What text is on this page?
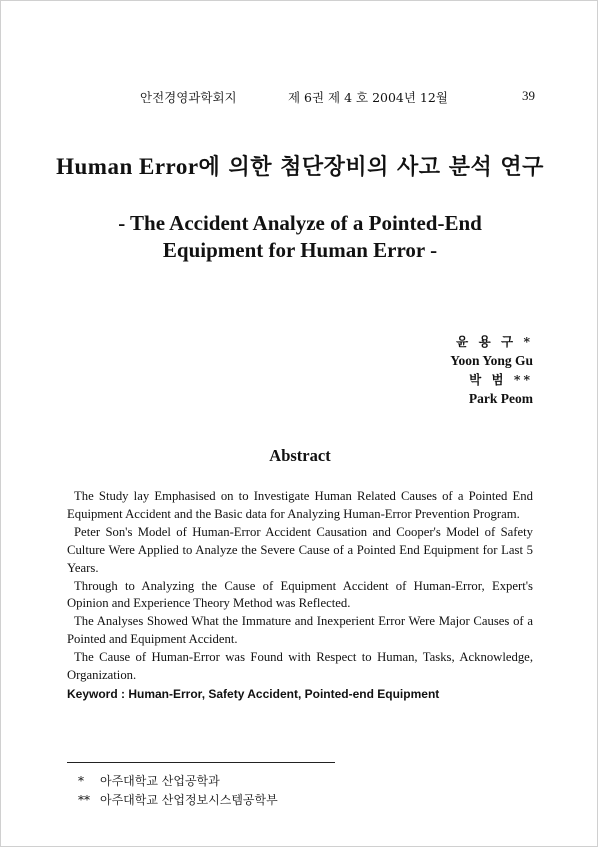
안전경영과학회지	제 6권 제 4 호 2004년 12월	39
Human Error에 의한 첨단장비의 사고 분석 연구
- The Accident Analyze of a Pointed-End
Equipment for Human Error -
윤 용 구 *
Yoon Yong Gu
박 범 **
Park Peom
Abstract
The Study lay Emphasised on to Investigate Human Related Causes of a Pointed End Equipment Accident and the Basic data for Analyzing Human-Error Prevention Program.
Peter Son's Model of Human-Error Accident Causation and Cooper's Model of Safety Culture Were Applied to Analyze the Severe Cause of a Pointed End Equipment for Last 5 Years.
Through to Analyzing the Cause of Equipment Accident of Human-Error, Expert's Opinion and Experience Theory Method was Reflected.
The Analyses Showed What the Immature and Inexperient Error Were Major Causes of a Pointed and Equipment Accident.
The Cause of Human-Error was Found with Respect to Human, Tasks, Acknowledge, Organization.
Keyword : Human-Error, Safety Accident, Pointed-end Equipment
* 아주대학교 산업공학과
** 아주대학교 산업정보시스템공학부
